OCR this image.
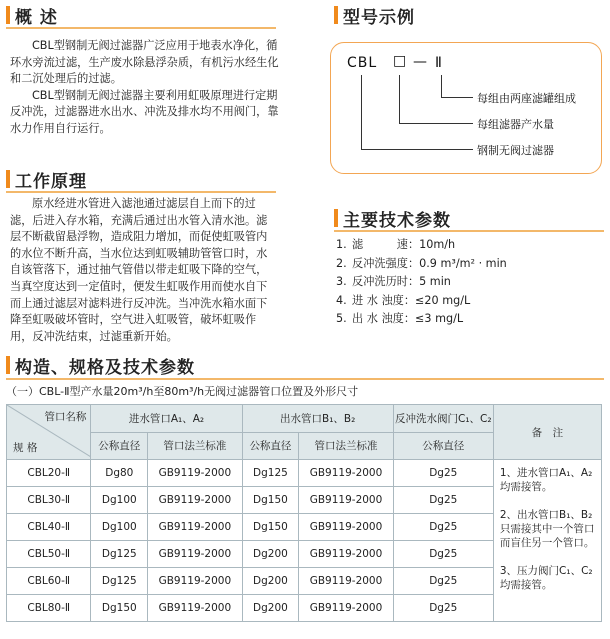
概 述

CBL型钢制无阀过滤器广泛应用于地表水净化，循环水旁流过滤，生产废水除悬浮杂质，有机污水经生化和二沉处理后的过滤。

CBL型钢制无阀过滤器主要利用虹吸原理进行定期反冲洗，过滤器进水出水、冲洗及排水均不用阀门，靠水力作用自行运行。

工作原理
原水经进水管进入滤池通过滤层自上而下的过滤，后进入存水箱，充满后通过出水管入清水池。滤层不断截留悬浮物，造成阻力增加，而促使虹吸管内的水位不断升高，当水位达到虹吸辅助管管口时，水自该管落下，通过抽气管借以带走虹吸下降的空气，当真空度达到一定值时，便发生虹吸作用而使水自下而上通过滤层对滤料进行反冲洗。当冲洗水箱水面下降至虹吸破坏管时，空气进入虹吸管，破坏虹吸作用，反冲洗结束，过滤重新开始。
型号示例
CBL □ — Ⅱ
每组由两座滤罐组成
每组滤器产水量
钢制无阀过滤器
主要技术参数
1. 滤　　　速：10m/h
2. 反冲洗强度：0.9 m³/m² · min
3. 反冲洗历时：5 min
4. 进 水 浊度：≤20 mg/L
5. 出 水 浊度：≤3 mg/L
构造、规格及技术参数
（一）CBL-Ⅱ型产水量20m³/h至80m³/h无阀过滤器管口位置及外形尺寸
管口名称
规 格	进水管口A₁、A₂		出水管口B₁、B₂		反冲洗水阀门C₁、C₂	备　注
	公称直径	管口法兰标准	公称直径	管口法兰标准	公称直径	
CBL20-Ⅱ	Dg80	GB9119-2000	Dg125	GB9119-2000	Dg25	1、进水管口A₁、A₂均需接管。
2、出水管口B₁、B₂只需接其中一个管口而盲住另一个管口。
3、压力阀门C₁、C₂均需接管。

CBL30-Ⅱ	Dg100	GB9119-2000	Dg150	GB9119-2000	Dg25	
CBL40-Ⅱ	Dg100	GB9119-2000	Dg150	GB9119-2000	Dg25	
CBL50-Ⅱ	Dg125	GB9119-2000	Dg200	GB9119-2000	Dg25	
CBL60-Ⅱ	Dg125	GB9119-2000	Dg200	GB9119-2000	Dg25	
CBL80-Ⅱ	Dg150	GB9119-2000	Dg200	GB9119-2000	Dg25	
